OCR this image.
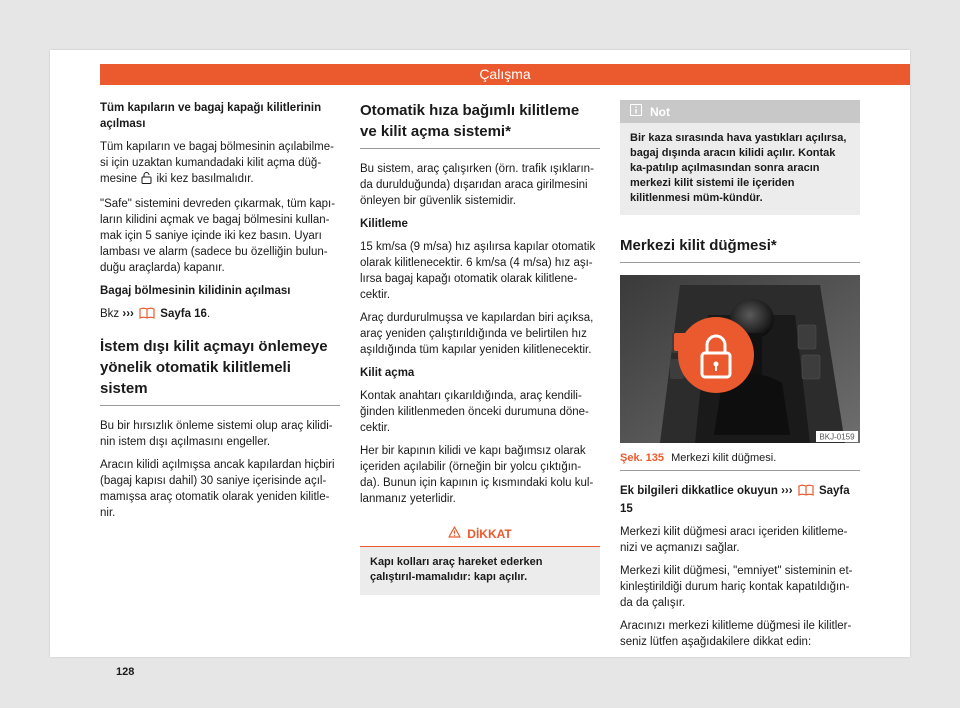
Çalışma

Tüm kapıların ve bagaj kapağı kilitlerinin açılması

Tüm kapıların ve bagaj bölmesinin açılabilme-si için uzaktan kumandadaki kilit açma düğ-mesine iki kez basılmalıdır.

"Safe" sistemini devreden çıkarmak, tüm kapı-ların kilidini açmak ve bagaj bölmesini kullan-mak için 5 saniye içinde iki kez basın. Uyarı lambası ve alarm (sadece bu özelliğin bulun-duğu araçlarda) kapanır.

Bagaj bölmesinin kilidinin açılması

Bkz ››› Sayfa 16.

İstem dışı kilit açmayı önlemeye yönelik otomatik kilitlemeli sistem

Bu bir hırsızlık önleme sistemi olup araç kilidi-nin istem dışı açılmasını engeller.

Aracın kilidi açılmışsa ancak kapılardan hiçbiri (bagaj kapısı dahil) 30 saniye içerisinde açıl-mamışsa araç otomatik olarak yeniden kilitle-nir.

Otomatik hıza bağımlı kilitleme ve kilit açma sistemi*

Bu sistem, araç çalışırken (örn. trafik ışıkların-da durulduğunda) dışarıdan araca girilmesini önleyen bir güvenlik sistemidir.

Kilitleme

15 km/sa (9 m/sa) hız aşılırsa kapılar otomatik olarak kilitlenecektir. 6 km/sa (4 m/sa) hız aşı-lırsa bagaj kapağı otomatik olarak kilitlene-cektir.

Araç durdurulmuşsa ve kapılardan biri açıksa, araç yeniden çalıştırıldığında ve belirtilen hız aşıldığında tüm kapılar yeniden kilitlenecektir.

Kilit açma

Kontak anahtarı çıkarıldığında, araç kendili-ğinden kilitlenmeden önceki durumuna döne-cektir.

Her bir kapının kilidi ve kapı bağımsız olarak içeriden açılabilir (örneğin bir yolcu çıktığın-da). Bunun için kapının iç kısmındaki kolu kul-lanmanız yeterlidir.

DİKKAT
Kapı kolları araç hareket ederken çalıştırıl-mamalıdır: kapı açılır.
Not
Bir kaza sırasında hava yastıkları açılırsa, bagaj dışında aracın kilidi açılır. Kontak ka-patılıp açılmasından sonra aracın merkezi kilit sistemi ile içeriden kilitlenmesi müm-kündür.
Merkezi kilit düğmesi*
BKJ-0159
Şek. 135 Merkezi kilit düğmesi.

Ek bilgileri dikkatlice okuyun ››› Sayfa 15

Merkezi kilit düğmesi aracı içeriden kilitleme-nizi ve açmanızı sağlar.

Merkezi kilit düğmesi, "emniyet" sisteminin et-kinleştirildiği durum hariç kontak kapatıldığın-da da çalışır.

Aracınızı merkezi kilitleme düğmesi ile kilitler-seniz lütfen aşağıdakilere dikkat edin:

128
